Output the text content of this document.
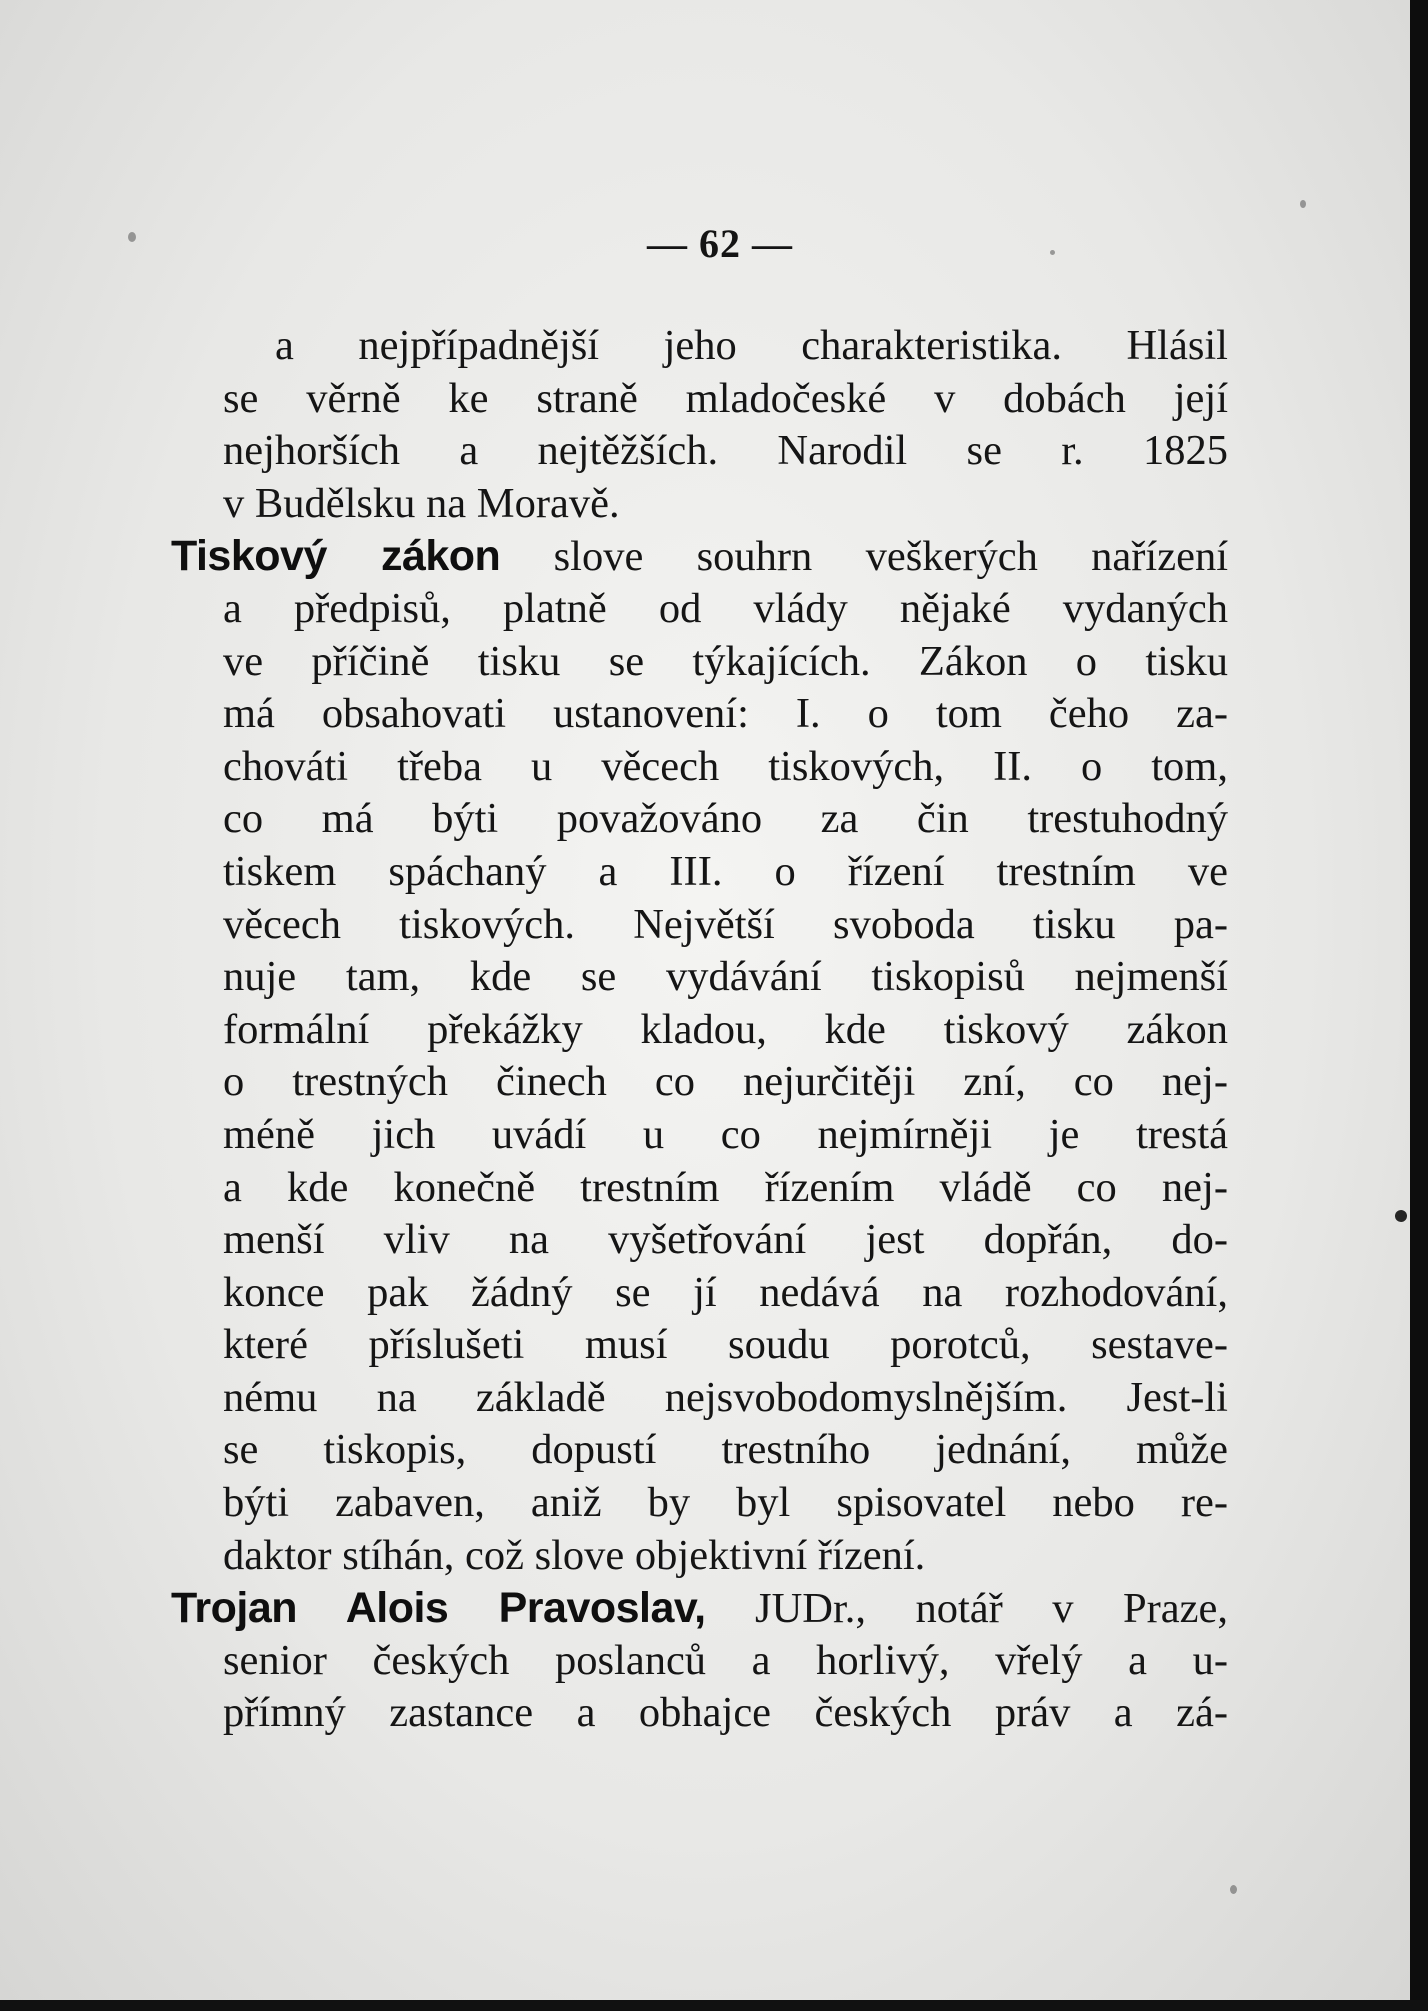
— 62 —
a nejpřípadnější jeho charakteristika. Hlásil
se věrně ke straně mladočeské v dobách její
nejhorších a nejtěžších. Narodil se r. 1825
v Budělsku na Moravě.
Tiskový zákon slove souhrn veškerých nařízení
a předpisů, platně od vlády nějaké vydaných
ve příčině tisku se týkajících. Zákon o tisku
má obsahovati ustanovení: I. o tom čeho za-
chováti třeba u věcech tiskových, II. o tom,
co má býti považováno za čin trestuhodný
tiskem spáchaný a III. o řízení trestním ve
věcech tiskových. Největší svoboda tisku pa-
nuje tam, kde se vydávání tiskopisů nejmenší
formální překážky kladou, kde tiskový zákon
o trestných činech co nejurčitěji zní, co nej-
méně jich uvádí u co nejmírněji je trestá
a kde konečně trestním řízením vládě co nej-
menší vliv na vyšetřování jest dopřán, do-
konce pak žádný se jí nedává na rozhodování,
které příslušeti musí soudu porotců, sestave-
nému na základě nejsvobodomyslnějším. Jest-li
se tiskopis, dopustí trestního jednání, může
býti zabaven, aniž by byl spisovatel nebo re-
daktor stíhán, což slove objektivní řízení.
Trojan Alois Pravoslav, JUDr., notář v Praze,
senior českých poslanců a horlivý, vřelý a u-
přímný zastance a obhajce českých práv a zá-
